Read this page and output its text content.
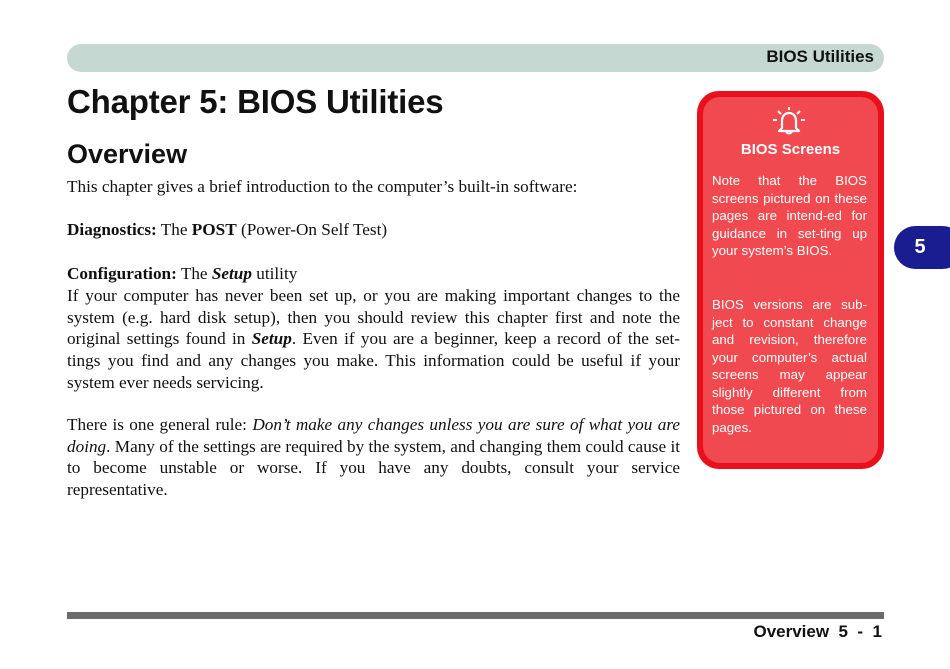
BIOS Utilities
Chapter 5: BIOS Utilities
Overview

This chapter gives a brief introduction to the computer’s built-in software:

Diagnostics: The POST (Power-On Self Test)

Configuration: The Setup utility

If your computer has never been set up, or you are making important changes to the system (e.g. hard disk setup), then you should review this chapter first and note the original settings found in Setup. Even if you are a beginner, keep a record of the set-tings you find and any changes you make. This information could be useful if your system ever needs servicing.

There is one general rule: Don’t make any changes unless you are sure of what you are doing. Many of the settings are required by the system, and changing them could cause it to become unstable or worse. If you have any doubts, consult your service representative.

BIOS Screens

Note that the BIOS screens pictured on these pages are intend-ed for guidance in set-ting up your system’s BIOS.

BIOS versions are sub-ject to constant change and revision, therefore your computer’s actual screens may appear slightly different from those pictured on these pages.

5
Overview  5  -  1
